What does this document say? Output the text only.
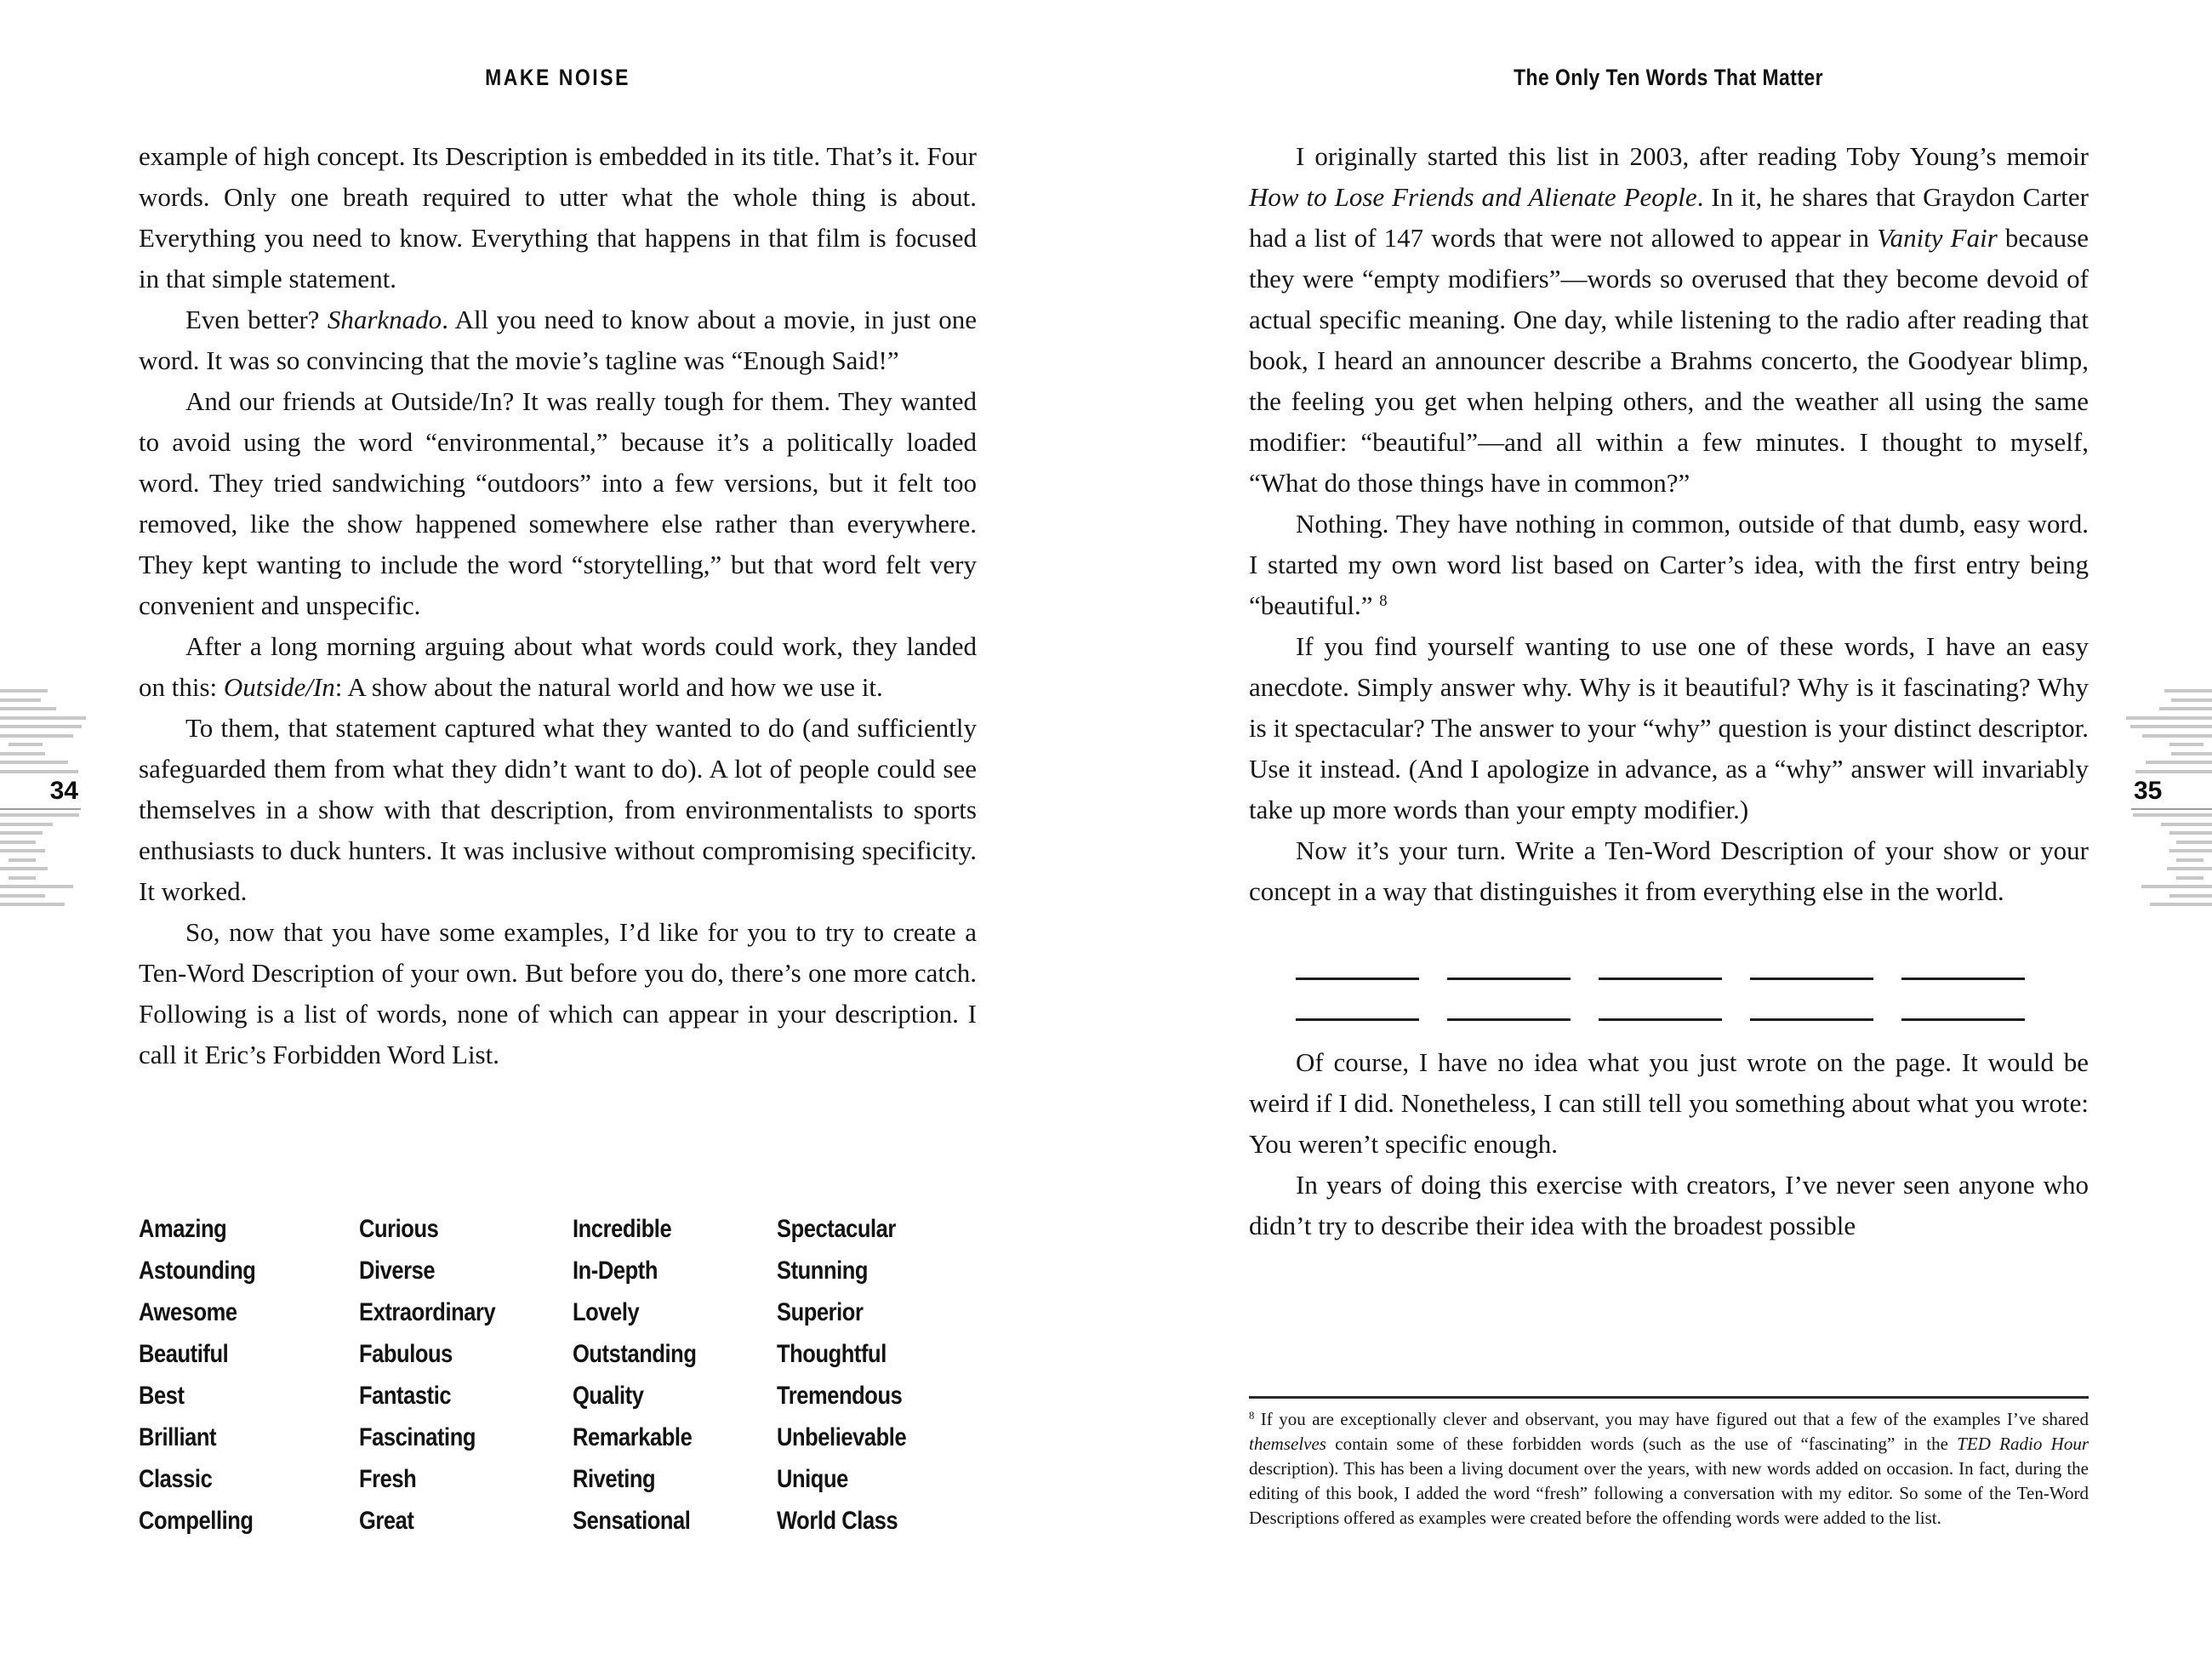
MAKE NOISE

example of high concept. Its Description is embedded in its title. That’s it. Four words. Only one breath required to utter what the whole thing is about. Everything you need to know. Everything that happens in that film is focused in that simple statement.

Even better? Sharknado. All you need to know about a movie, in just one word. It was so convincing that the movie’s tagline was “Enough Said!”

And our friends at Outside/In? It was really tough for them. They wanted to avoid using the word “environmental,” because it’s a politically loaded word. They tried sandwiching “outdoors” into a few versions, but it felt too removed, like the show happened somewhere else rather than everywhere. They kept wanting to include the word “storytelling,” but that word felt very convenient and unspecific.

After a long morning arguing about what words could work, they landed on this: Outside/In: A show about the natural world and how we use it.

To them, that statement captured what they wanted to do (and sufficiently safeguarded them from what they didn’t want to do). A lot of people could see themselves in a show with that description, from environmentalists to sports enthusiasts to duck hunters. It was inclusive without compromising specificity. It worked.

So, now that you have some examples, I’d like for you to try to create a Ten-Word Description of your own. But before you do, there’s one more catch. Following is a list of words, none of which can appear in your description. I call it Eric’s Forbidden Word List.

Amazing
Astounding
Awesome
Beautiful
Best
Brilliant
Classic
Compelling
Curious
Diverse
Extraordinary
Fabulous
Fantastic
Fascinating
Fresh
Great
Incredible
In-Depth
Lovely
Outstanding
Quality
Remarkable
Riveting
Sensational
Spectacular
Stunning
Superior
Thoughtful
Tremendous
Unbelievable
Unique
World Class
The Only Ten Words That Matter

I originally started this list in 2003, after reading Toby Young’s memoir How to Lose Friends and Alienate People. In it, he shares that Graydon Carter had a list of 147 words that were not allowed to appear in Vanity Fair because they were “empty modifiers”—words so overused that they become devoid of actual specific meaning. One day, while listening to the radio after reading that book, I heard an announcer describe a Brahms concerto, the Goodyear blimp, the feeling you get when helping others, and the weather all using the same modifier: “beautiful”—and all within a few minutes. I thought to myself, “What do those things have in common?”

Nothing. They have nothing in common, outside of that dumb, easy word. I started my own word list based on Carter’s idea, with the first entry being “beautiful.” $^8$

If you find yourself wanting to use one of these words, I have an easy anecdote. Simply answer why. Why is it beautiful? Why is it fascinating? Why is it spectacular? The answer to your “why” question is your distinct descriptor. Use it instead. (And I apologize in advance, as a “why” answer will invariably take up more words than your empty modifier.)

Now it’s your turn. Write a Ten-Word Description of your show or your concept in a way that distinguishes it from everything else in the world.

Of course, I have no idea what you just wrote on the page. It would be weird if I did. Nonetheless, I can still tell you something about what you wrote: You weren’t specific enough.

In years of doing this exercise with creators, I’ve never seen anyone who didn’t try to describe their idea with the broadest possible

$^8$ If you are exceptionally clever and observant, you may have figured out that a few of the examples I’ve shared themselves contain some of these forbidden words (such as the use of “fascinating” in the TED Radio Hour description). This has been a living document over the years, with new words added on occasion. In fact, during the editing of this book, I added the word “fresh” following a conversation with my editor. So some of the Ten-Word Descriptions offered as examples were created before the offending words were added to the list.
34	35
